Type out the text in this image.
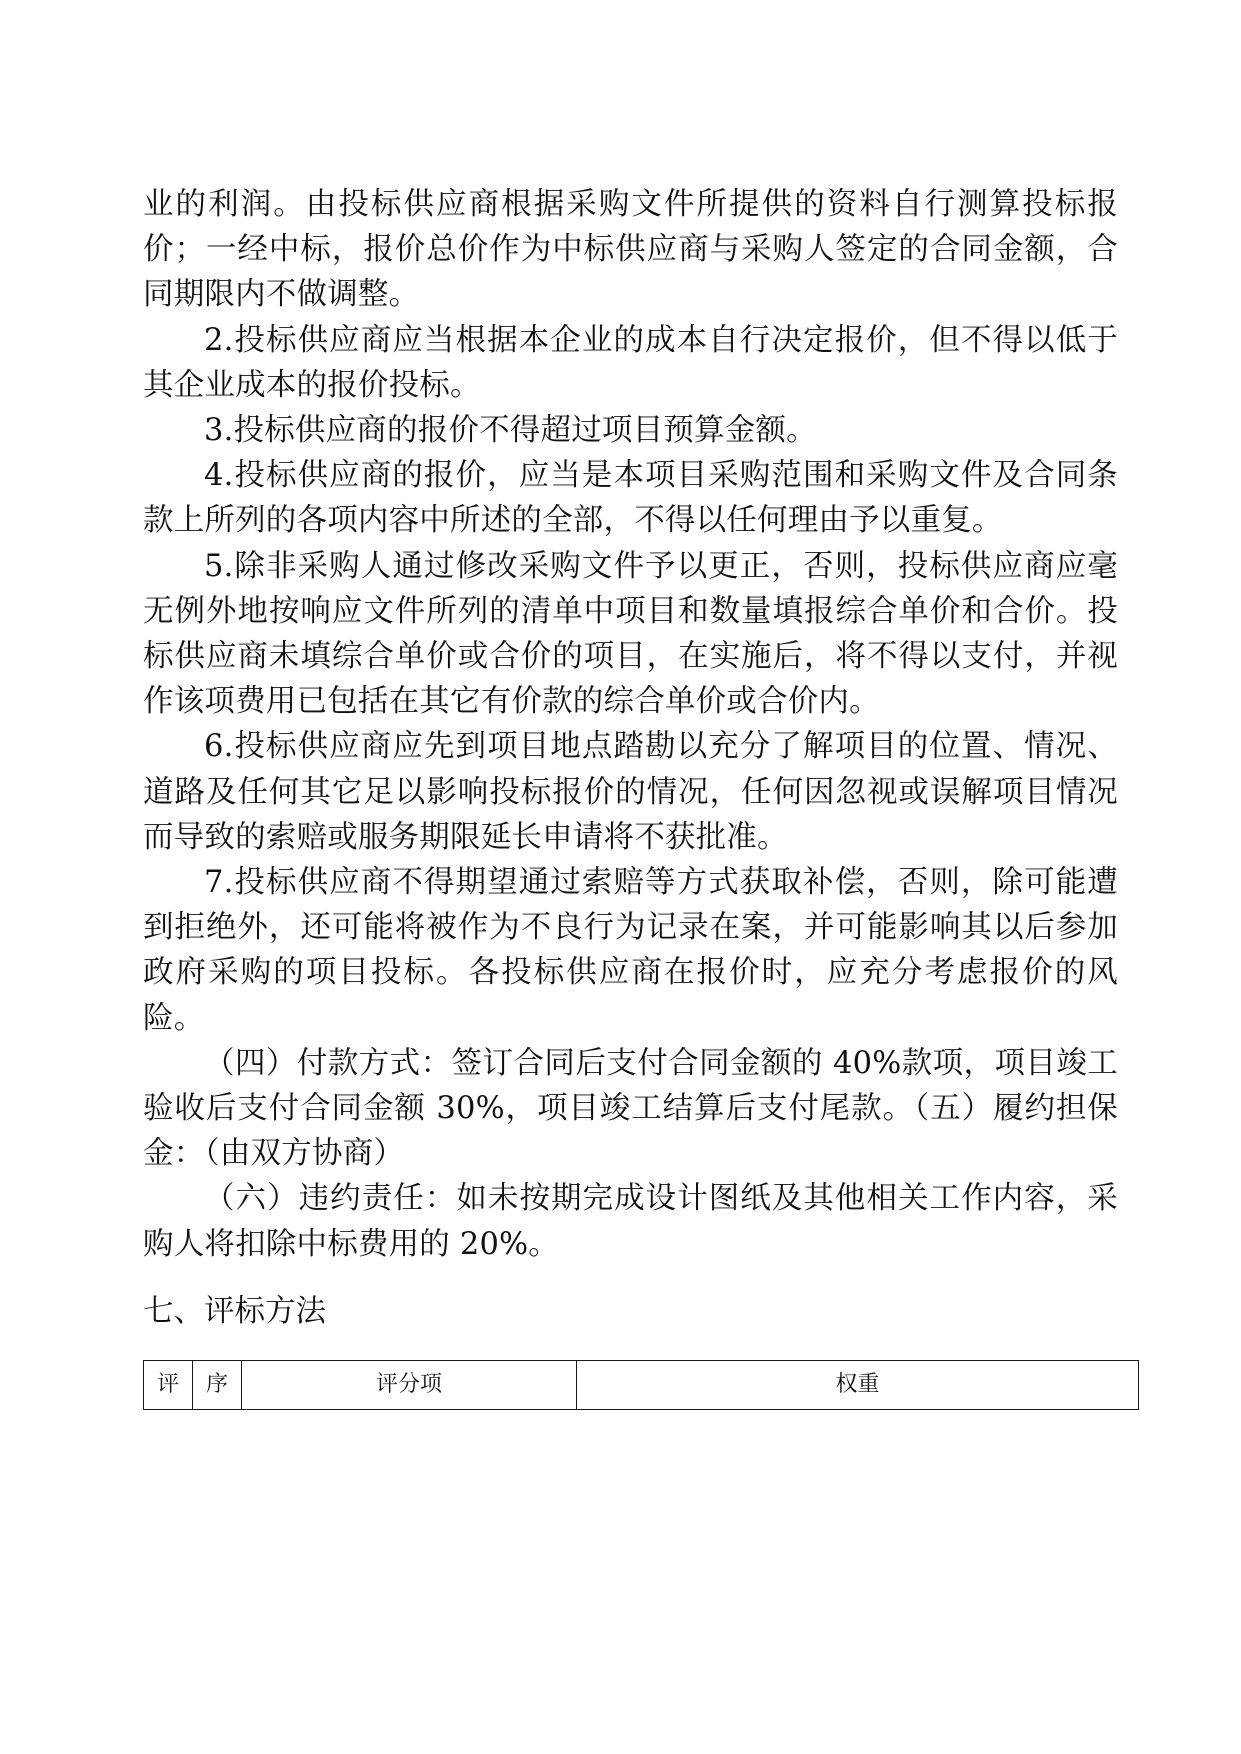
业的利润。由投标供应商根据采购文件所提供的资料自行测算投标报价；一经中标，报价总价作为中标供应商与采购人签定的合同金额，合同期限内不做调整。

2.投标供应商应当根据本企业的成本自行决定报价，但不得以低于其企业成本的报价投标。

3.投标供应商的报价不得超过项目预算金额。

4.投标供应商的报价，应当是本项目采购范围和采购文件及合同条款上所列的各项内容中所述的全部，不得以任何理由予以重复。

5.除非采购人通过修改采购文件予以更正，否则，投标供应商应毫无例外地按响应文件所列的清单中项目和数量填报综合单价和合价。投标供应商未填综合单价或合价的项目，在实施后，将不得以支付，并视作该项费用已包括在其它有价款的综合单价或合价内。

6.投标供应商应先到项目地点踏勘以充分了解项目的位置、情况、道路及任何其它足以影响投标报价的情况，任何因忽视或误解项目情况而导致的索赔或服务期限延长申请将不获批准。

7.投标供应商不得期望通过索赔等方式获取补偿，否则，除可能遭到拒绝外，还可能将被作为不良行为记录在案，并可能影响其以后参加政府采购的项目投标。各投标供应商在报价时，应充分考虑报价的风险。

（四）付款方式：签订合同后支付合同金额的 40%款项，项目竣工验收后支付合同金额 30%，项目竣工结算后支付尾款。（五）履约担保金：（由双方协商）

（六）违约责任：如未按期完成设计图纸及其他相关工作内容，采购人将扣除中标费用的 20%。

七、评标方法

评	序	评分项	权重
